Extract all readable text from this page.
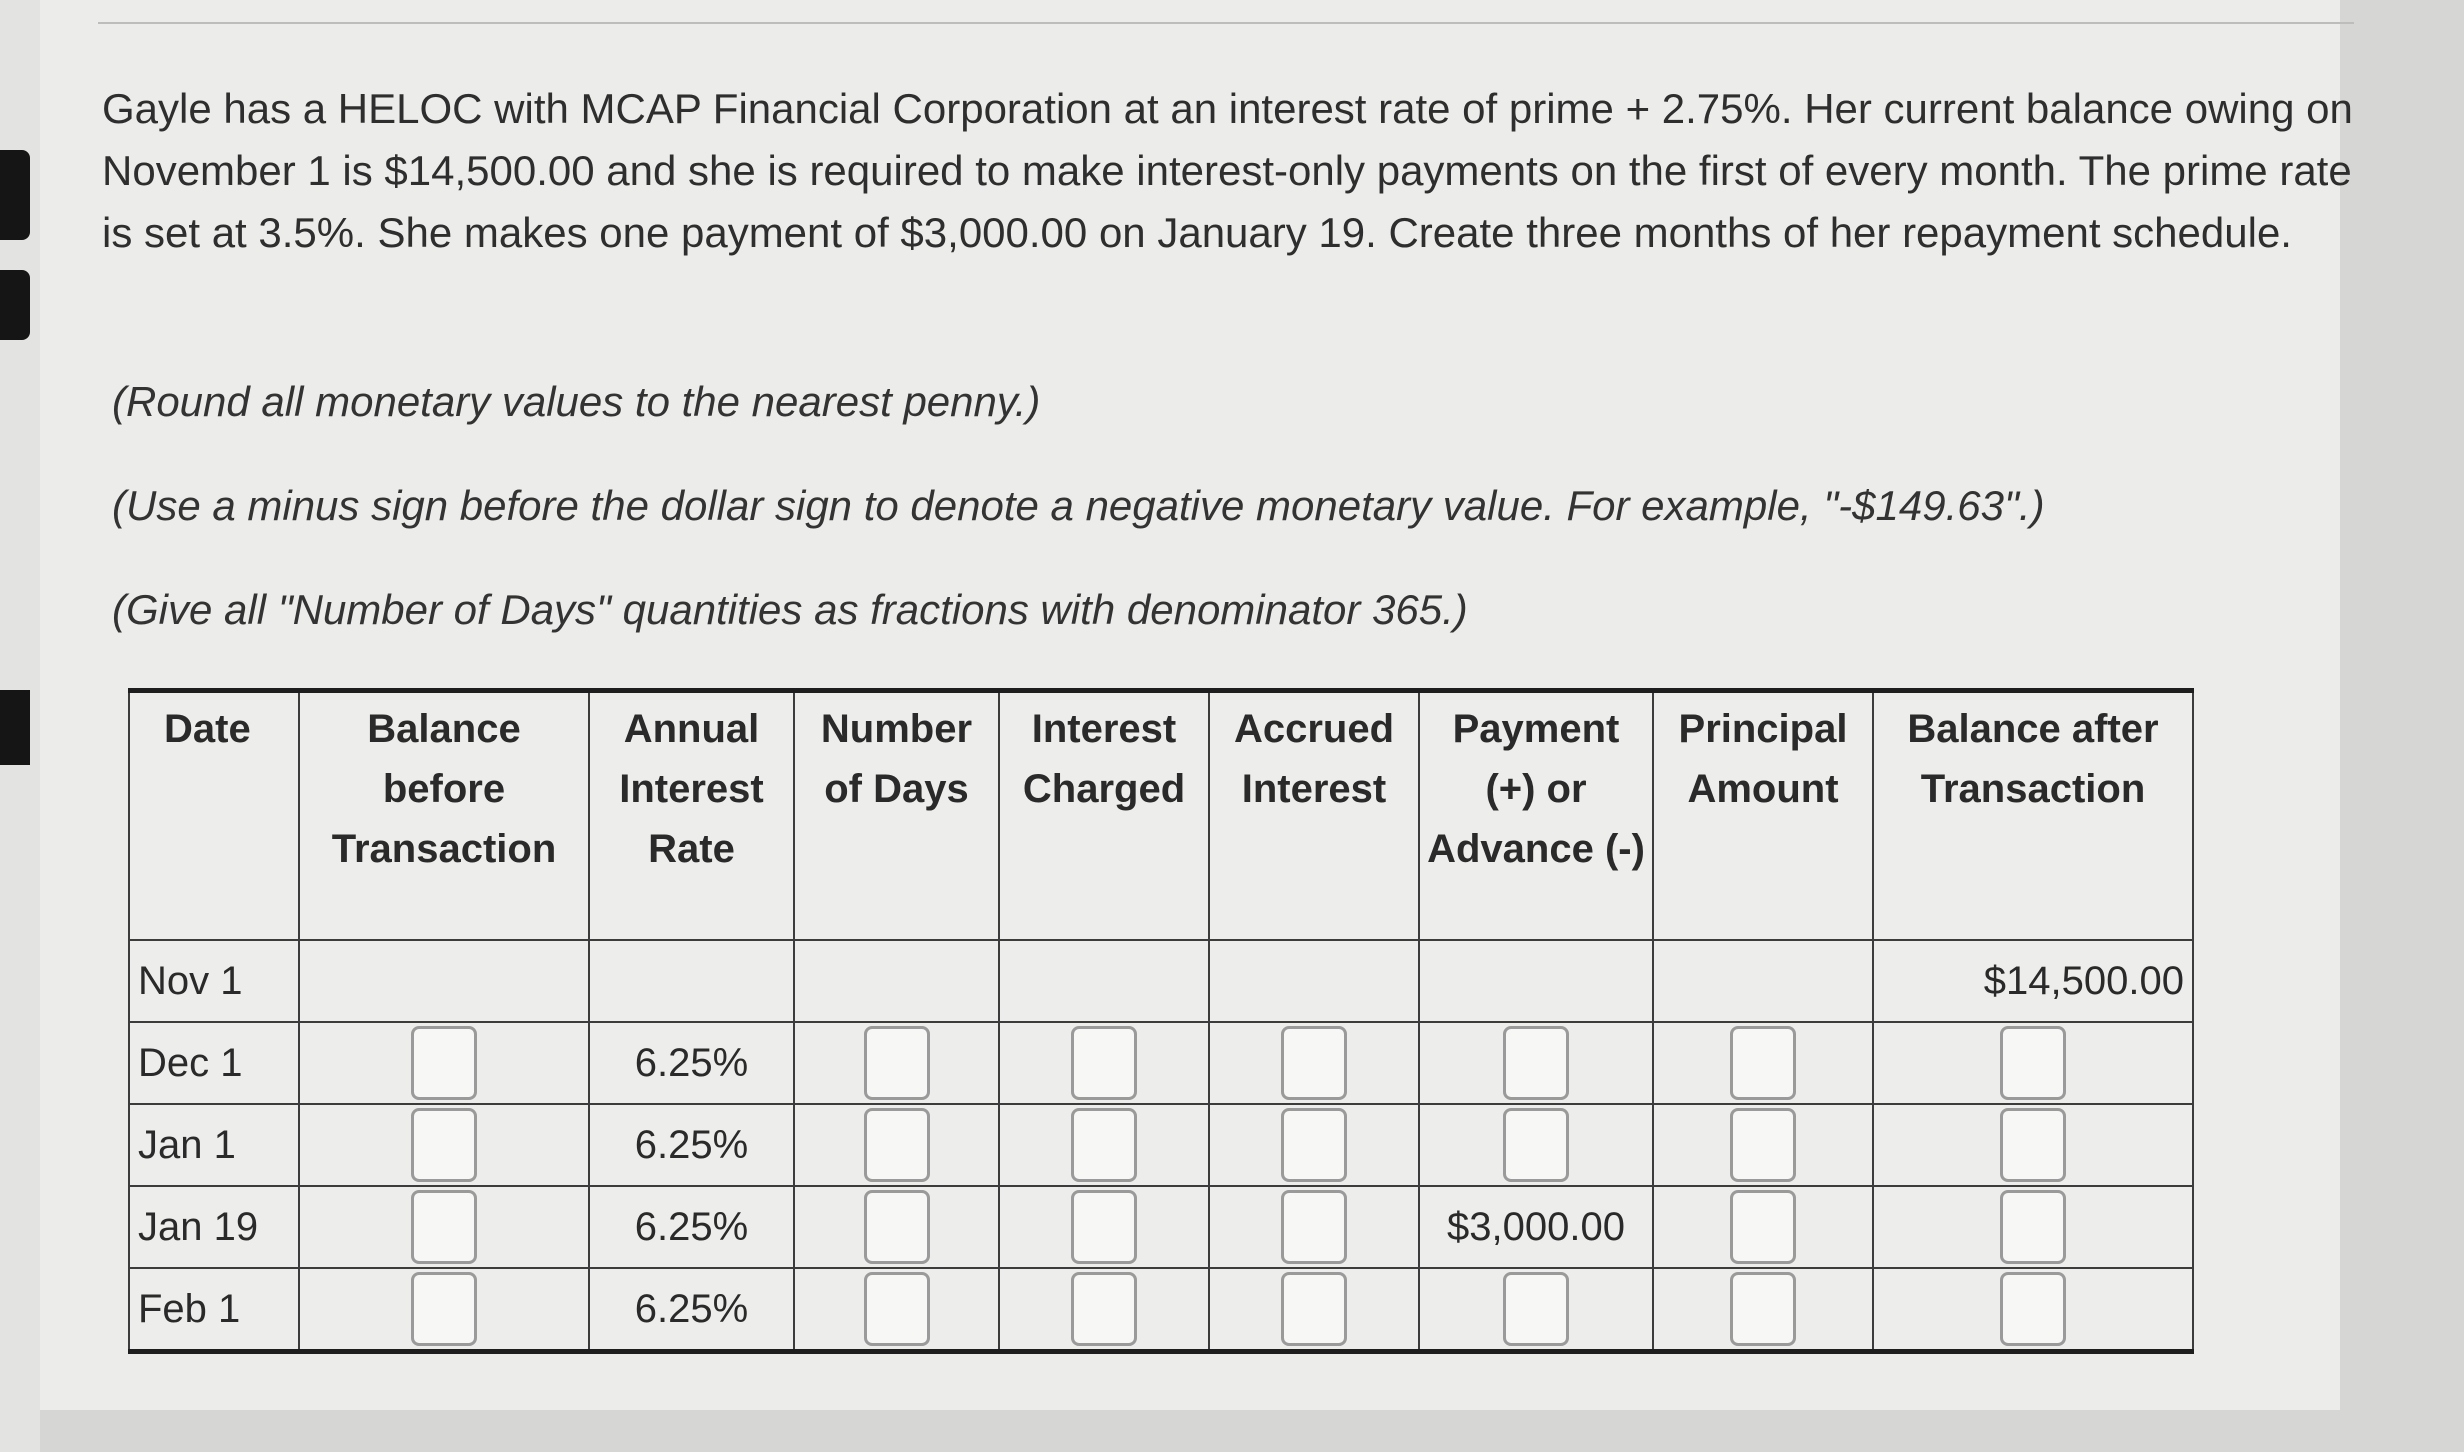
Gayle has a HELOC with MCAP Financial Corporation at an interest rate of prime + 2.75%. Her current balance owing on November 1 is $14,500.00 and she is required to make interest-only payments on the first of every month. The prime rate is set at 3.5%. She makes one payment of $3,000.00 on January 19. Create three months of her repayment schedule.
(Round all monetary values to the nearest penny.)
(Use a minus sign before the dollar sign to denote a negative monetary value. For example, "-$149.63".)
(Give all "Number of Days" quantities as fractions with denominator 365.)
Date	Balance before Transaction	Annual Interest Rate	Number of Days	Interest Charged	Accrued Interest	Payment (+) or Advance (-)	Principal Amount	Balance after Transaction
Nov 1								$14,500.00
Dec 1		6.25%	

Jan 1		6.25%	

Jan 19		6.25%				$3,000.00	

Feb 1		6.25%	
